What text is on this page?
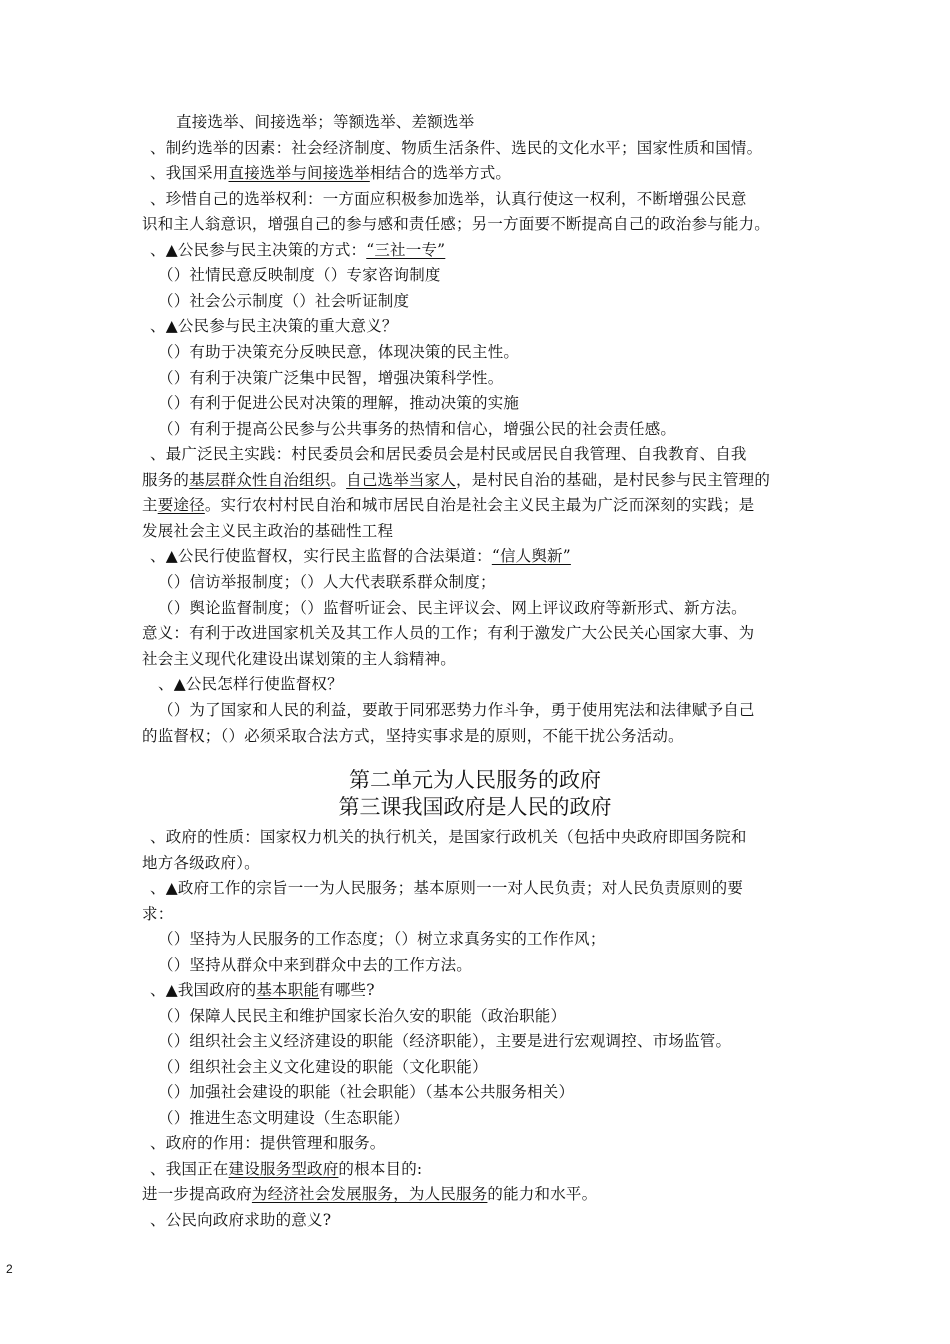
直接选举、间接选举；等额选举、差额选举
、制约选举的因素：社会经济制度、物质生活条件、选民的文化水平；国家性质和国情。
、我国采用直接选举与间接选举相结合的选举方式。
、珍惜自己的选举权利：一方面应积极参加选举，认真行使这一权利，不断增强公民意
识和主人翁意识，增强自己的参与感和责任感；另一方面要不断提高自己的政治参与能力。
、▲公民参与民主决策的方式：“三社一专”
（）社情民意反映制度（）专家咨询制度
（）社会公示制度（）社会听证制度
、▲公民参与民主决策的重大意义？
（）有助于决策充分反映民意，体现决策的民主性。
（）有利于决策广泛集中民智，增强决策科学性。
（）有利于促进公民对决策的理解，推动决策的实施
（）有利于提高公民参与公共事务的热情和信心，增强公民的社会责任感。
、最广泛民主实践：村民委员会和居民委员会是村民或居民自我管理、自我教育、自我
服务的基层群众性自治组织。自己选举当家人，是村民自治的基础，是村民参与民主管理的
主要途径。实行农村村民自治和城市居民自治是社会主义民主最为广泛而深刻的实践；是
发展社会主义民主政治的基础性工程
、▲公民行使监督权，实行民主监督的合法渠道：“信人舆新”
（）信访举报制度；（）人大代表联系群众制度；
（）舆论监督制度；（）监督听证会、民主评议会、网上评议政府等新形式、新方法。
意义：有利于改进国家机关及其工作人员的工作；有利于激发广大公民关心国家大事、为
社会主义现代化建设出谋划策的主人翁精神。
、▲公民怎样行使监督权？
（）为了国家和人民的利益，要敢于同邪恶势力作斗争，勇于使用宪法和法律赋予自己
的监督权；（）必须采取合法方式，坚持实事求是的原则，不能干扰公务活动。
第二单元为人民服务的政府
第三课我国政府是人民的政府
、政府的性质：国家权力机关的执行机关，是国家行政机关（包括中央政府即国务院和
地方各级政府）。
、▲政府工作的宗旨一一为人民服务；基本原则一一对人民负责；对人民负责原则的要
求：
（）坚持为人民服务的工作态度；（）树立求真务实的工作作风；
（）坚持从群众中来到群众中去的工作方法。
、▲我国政府的基本职能有哪些?
（）保障人民民主和维护国家长治久安的职能（政治职能）
（）组织社会主义经济建设的职能（经济职能），主要是进行宏观调控、市场监管。
（）组织社会主义文化建设的职能（文化职能）
（）加强社会建设的职能（社会职能）（基本公共服务相关）
（）推进生态文明建设（生态职能）
、政府的作用：提供管理和服务。
、我国正在建设服务型政府的根本目的:
进一步提高政府为经济社会发展服务，为人民服务的能力和水平。
、公民向政府求助的意义?
2
